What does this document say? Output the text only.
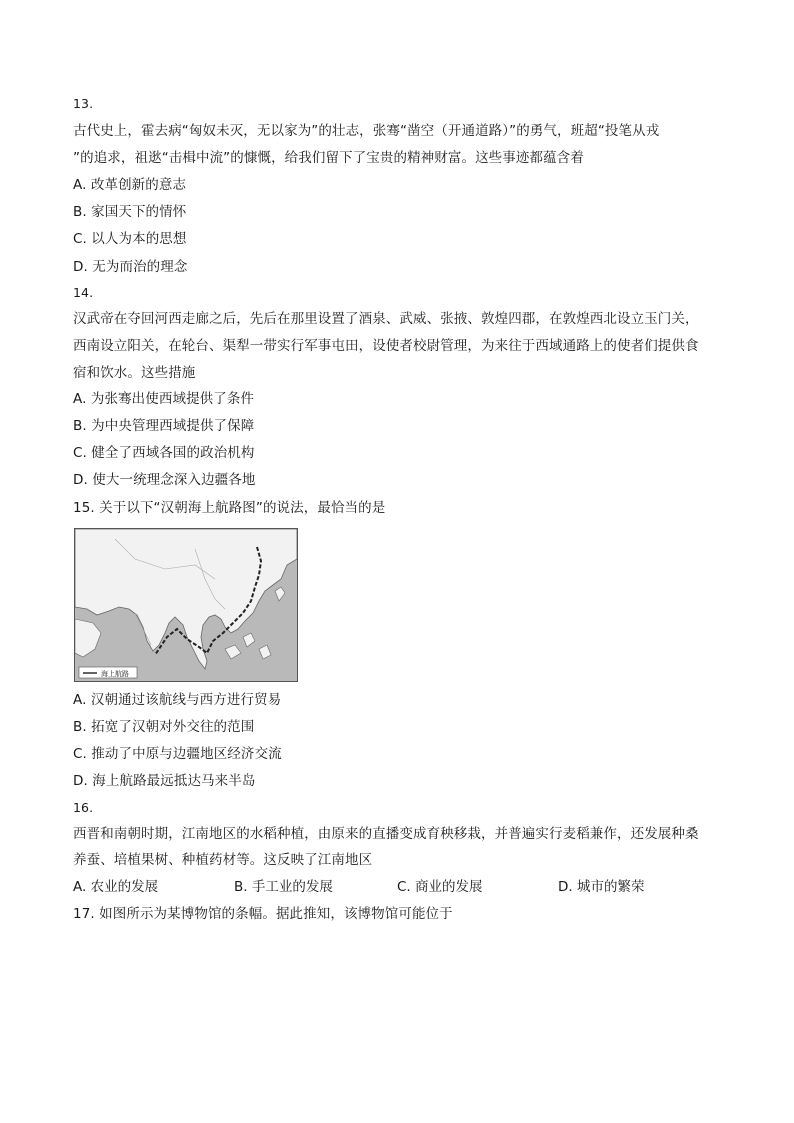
13.
古代史上，霍去病“匈奴未灭，无以家为”的壮志，张骞“凿空（开通道路）”的勇气，班超“投笔从戎
”的追求，祖逖“击楫中流”的慷慨，给我们留下了宝贵的精神财富。这些事迹都蕴含着
A. 改革创新的意志
B. 家国天下的情怀
C. 以人为本的思想
D. 无为而治的理念
14.
汉武帝在夺回河西走廊之后，先后在那里设置了酒泉、武威、张掖、敦煌四郡，在敦煌西北设立玉门关，
西南设立阳关，在轮台、渠犁一带实行军事屯田，设使者校尉管理，为来往于西域通路上的使者们提供食
宿和饮水。这些措施
A. 为张骞出使西域提供了条件
B. 为中央管理西域提供了保障
C. 健全了西域各国的政治机构
D. 使大一统理念深入边疆各地
15. 关于以下“汉朝海上航路图”的说法，最恰当的是
海上航路
A. 汉朝通过该航线与西方进行贸易
B. 拓宽了汉朝对外交往的范围
C. 推动了中原与边疆地区经济交流
D. 海上航路最远抵达马来半岛
16.
西晋和南朝时期，江南地区的水稻种植，由原来的直播变成育秧移栽，并普遍实行麦稻兼作，还发展种桑
养蚕、培植果树、种植药材等。这反映了江南地区
A. 农业的发展	B. 手工业的发展	C. 商业的发展	D. 城市的繁荣
17. 如图所示为某博物馆的条幅。据此推知，该博物馆可能位于
